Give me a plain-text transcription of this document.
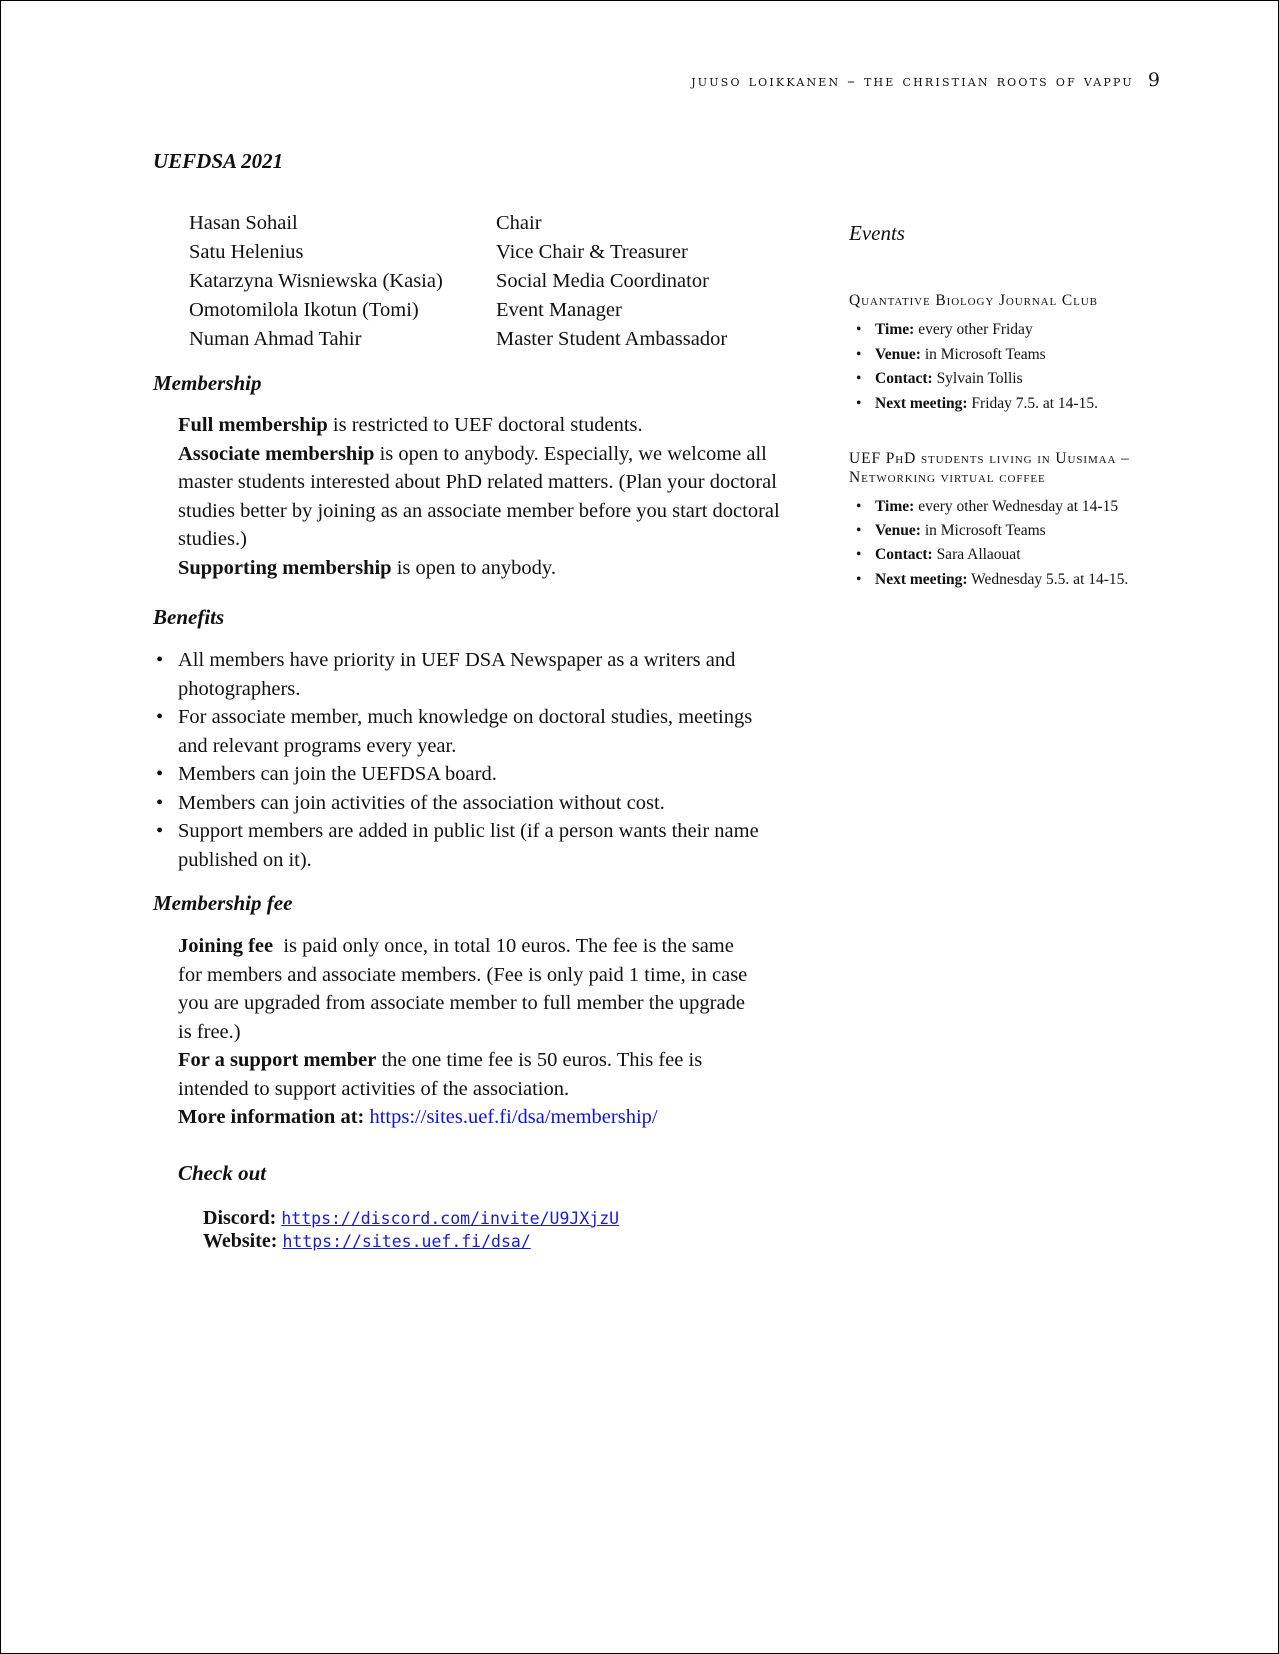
juuso loikkanen – the christian roots of vappu 9
UEFDSA 2021
Hasan Sohail	Chair
Satu Helenius	Vice Chair & Treasurer
Katarzyna Wisniewska (Kasia)	Social Media Coordinator
Omotomilola Ikotun (Tomi)	Event Manager
Numan Ahmad Tahir	Master Student Ambassador
Membership
Full membership is restricted to UEF doctoral students.
Associate membership is open to anybody. Especially, we welcome all master students interested about PhD related matters. (Plan your doctoral studies better by joining as an associate member before you start doctoral studies.)
Supporting membership is open to anybody.
Benefits
• All members have priority in UEF DSA Newspaper as a writers and photographers.
• For associate member, much knowledge on doctoral studies, meetings and relevant programs every year.
• Members can join the UEFDSA board.
• Members can join activities of the association without cost.
• Support members are added in public list (if a person wants their name published on it).
Membership fee
Joining fee  is paid only once, in total 10 euros. The fee is the same for members and associate members. (Fee is only paid 1 time, in case you are upgraded from associate member to full member the upgrade is free.)
For a support member the one time fee is 50 euros. This fee is intended to support activities of the association.
More information at: https://sites.uef.fi/dsa/membership/
Check out
Discord: https://discord.com/invite/U9JXjzU
Website: https://sites.uef.fi/dsa/
Events
Quantative Biology Journal Club
• Time: every other Friday
• Venue: in Microsoft Teams
• Contact: Sylvain Tollis
• Next meeting: Friday 7.5. at 14-15.
UEF PhD students living in Uusimaa – Networking virtual coffee
• Time: every other Wednesday at 14-15
• Venue: in Microsoft Teams
• Contact: Sara Allaouat
• Next meeting: Wednesday 5.5. at 14-15.
